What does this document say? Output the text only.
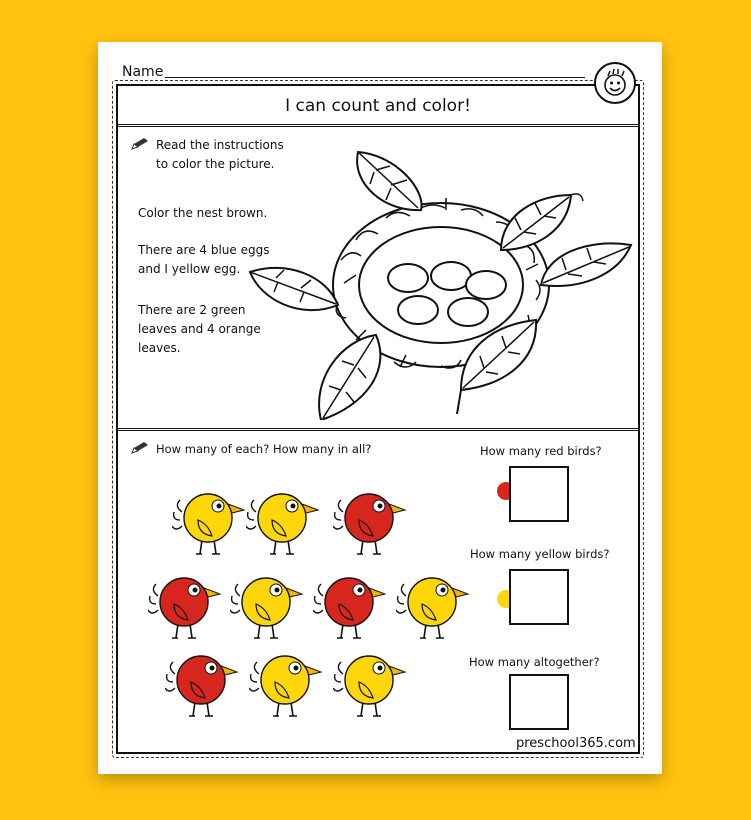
Name
I can count and color!
Read the instructions
to color the picture.
Color the nest brown.
There are 4 blue eggs
and I yellow egg.
There are 2 green
leaves and 4 orange
leaves.
How many of each? How many in all?	How many red birds?
How many yellow birds?
How many altogether?
preschool365.com
